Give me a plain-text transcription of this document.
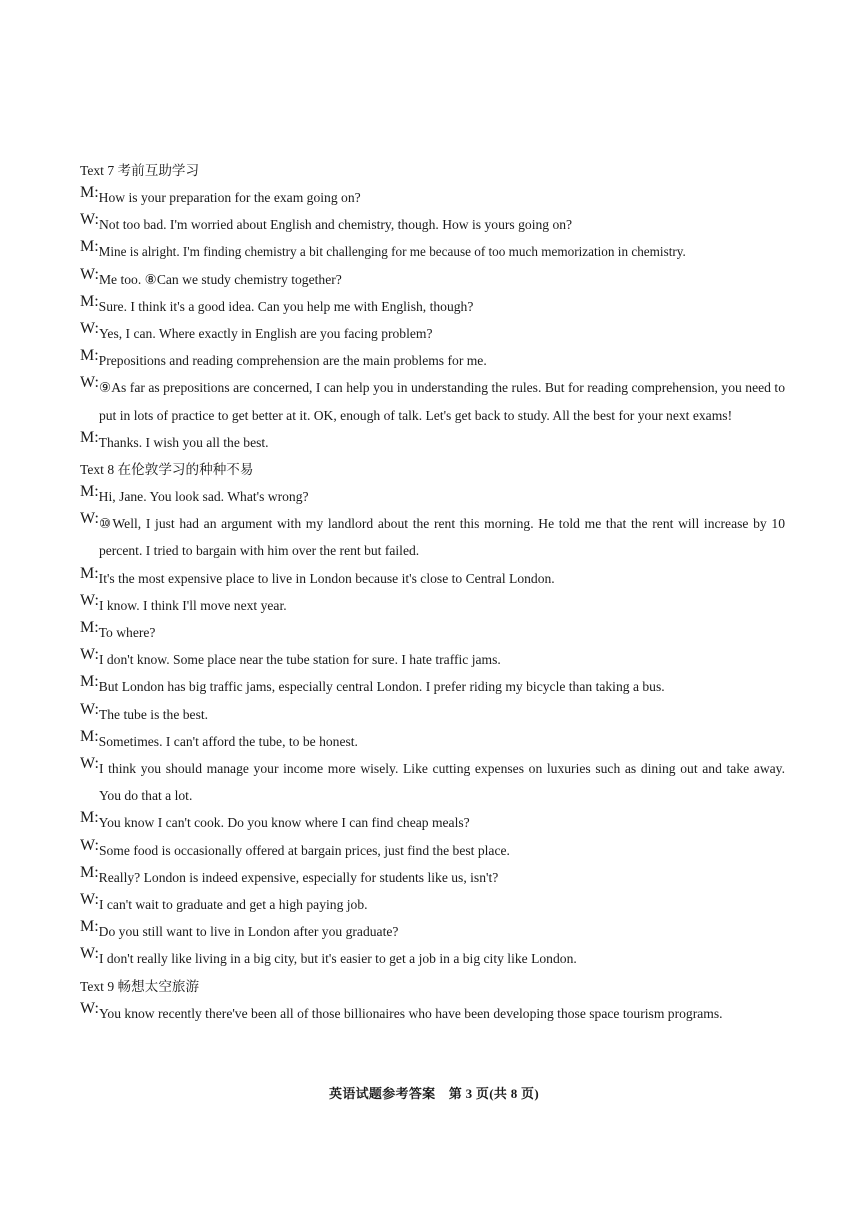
Text 7 考前互助学习
M: How is your preparation for the exam going on?
W: Not too bad. I'm worried about English and chemistry, though. How is yours going on?
M: Mine is alright. I'm finding chemistry a bit challenging for me because of too much memorization in chemistry.
W: Me too. ⑧Can we study chemistry together?
M: Sure. I think it's a good idea. Can you help me with English, though?
W: Yes, I can. Where exactly in English are you facing problem?
M: Prepositions and reading comprehension are the main problems for me.
W: ⑨As far as prepositions are concerned, I can help you in understanding the rules. But for reading comprehension, you need to put in lots of practice to get better at it. OK, enough of talk. Let's get back to study. All the best for your next exams!
M: Thanks. I wish you all the best.
Text 8 在伦敦学习的种种不易
M: Hi, Jane. You look sad. What's wrong?
W: ⑩Well, I just had an argument with my landlord about the rent this morning. He told me that the rent will increase by 10 percent. I tried to bargain with him over the rent but failed.
M: It's the most expensive place to live in London because it's close to Central London.
W: I know. I think I'll move next year.
M: To where?
W: I don't know. Some place near the tube station for sure. I hate traffic jams.
M: But London has big traffic jams, especially central London. I prefer riding my bicycle than taking a bus.
W: The tube is the best.
M: Sometimes. I can't afford the tube, to be honest.
W: I think you should manage your income more wisely. Like cutting expenses on luxuries such as dining out and take away. You do that a lot.
M: You know I can't cook. Do you know where I can find cheap meals?
W: Some food is occasionally offered at bargain prices, just find the best place.
M: Really? London is indeed expensive, especially for students like us, isn't?
W: I can't wait to graduate and get a high paying job.
M: Do you still want to live in London after you graduate?
W: I don't really like living in a big city, but it's easier to get a job in a big city like London.
Text 9 畅想太空旅游
W: You know recently there've been all of those billionaires who have been developing those space tourism programs.
英语试题参考答案　第 3 页(共 8 页)
